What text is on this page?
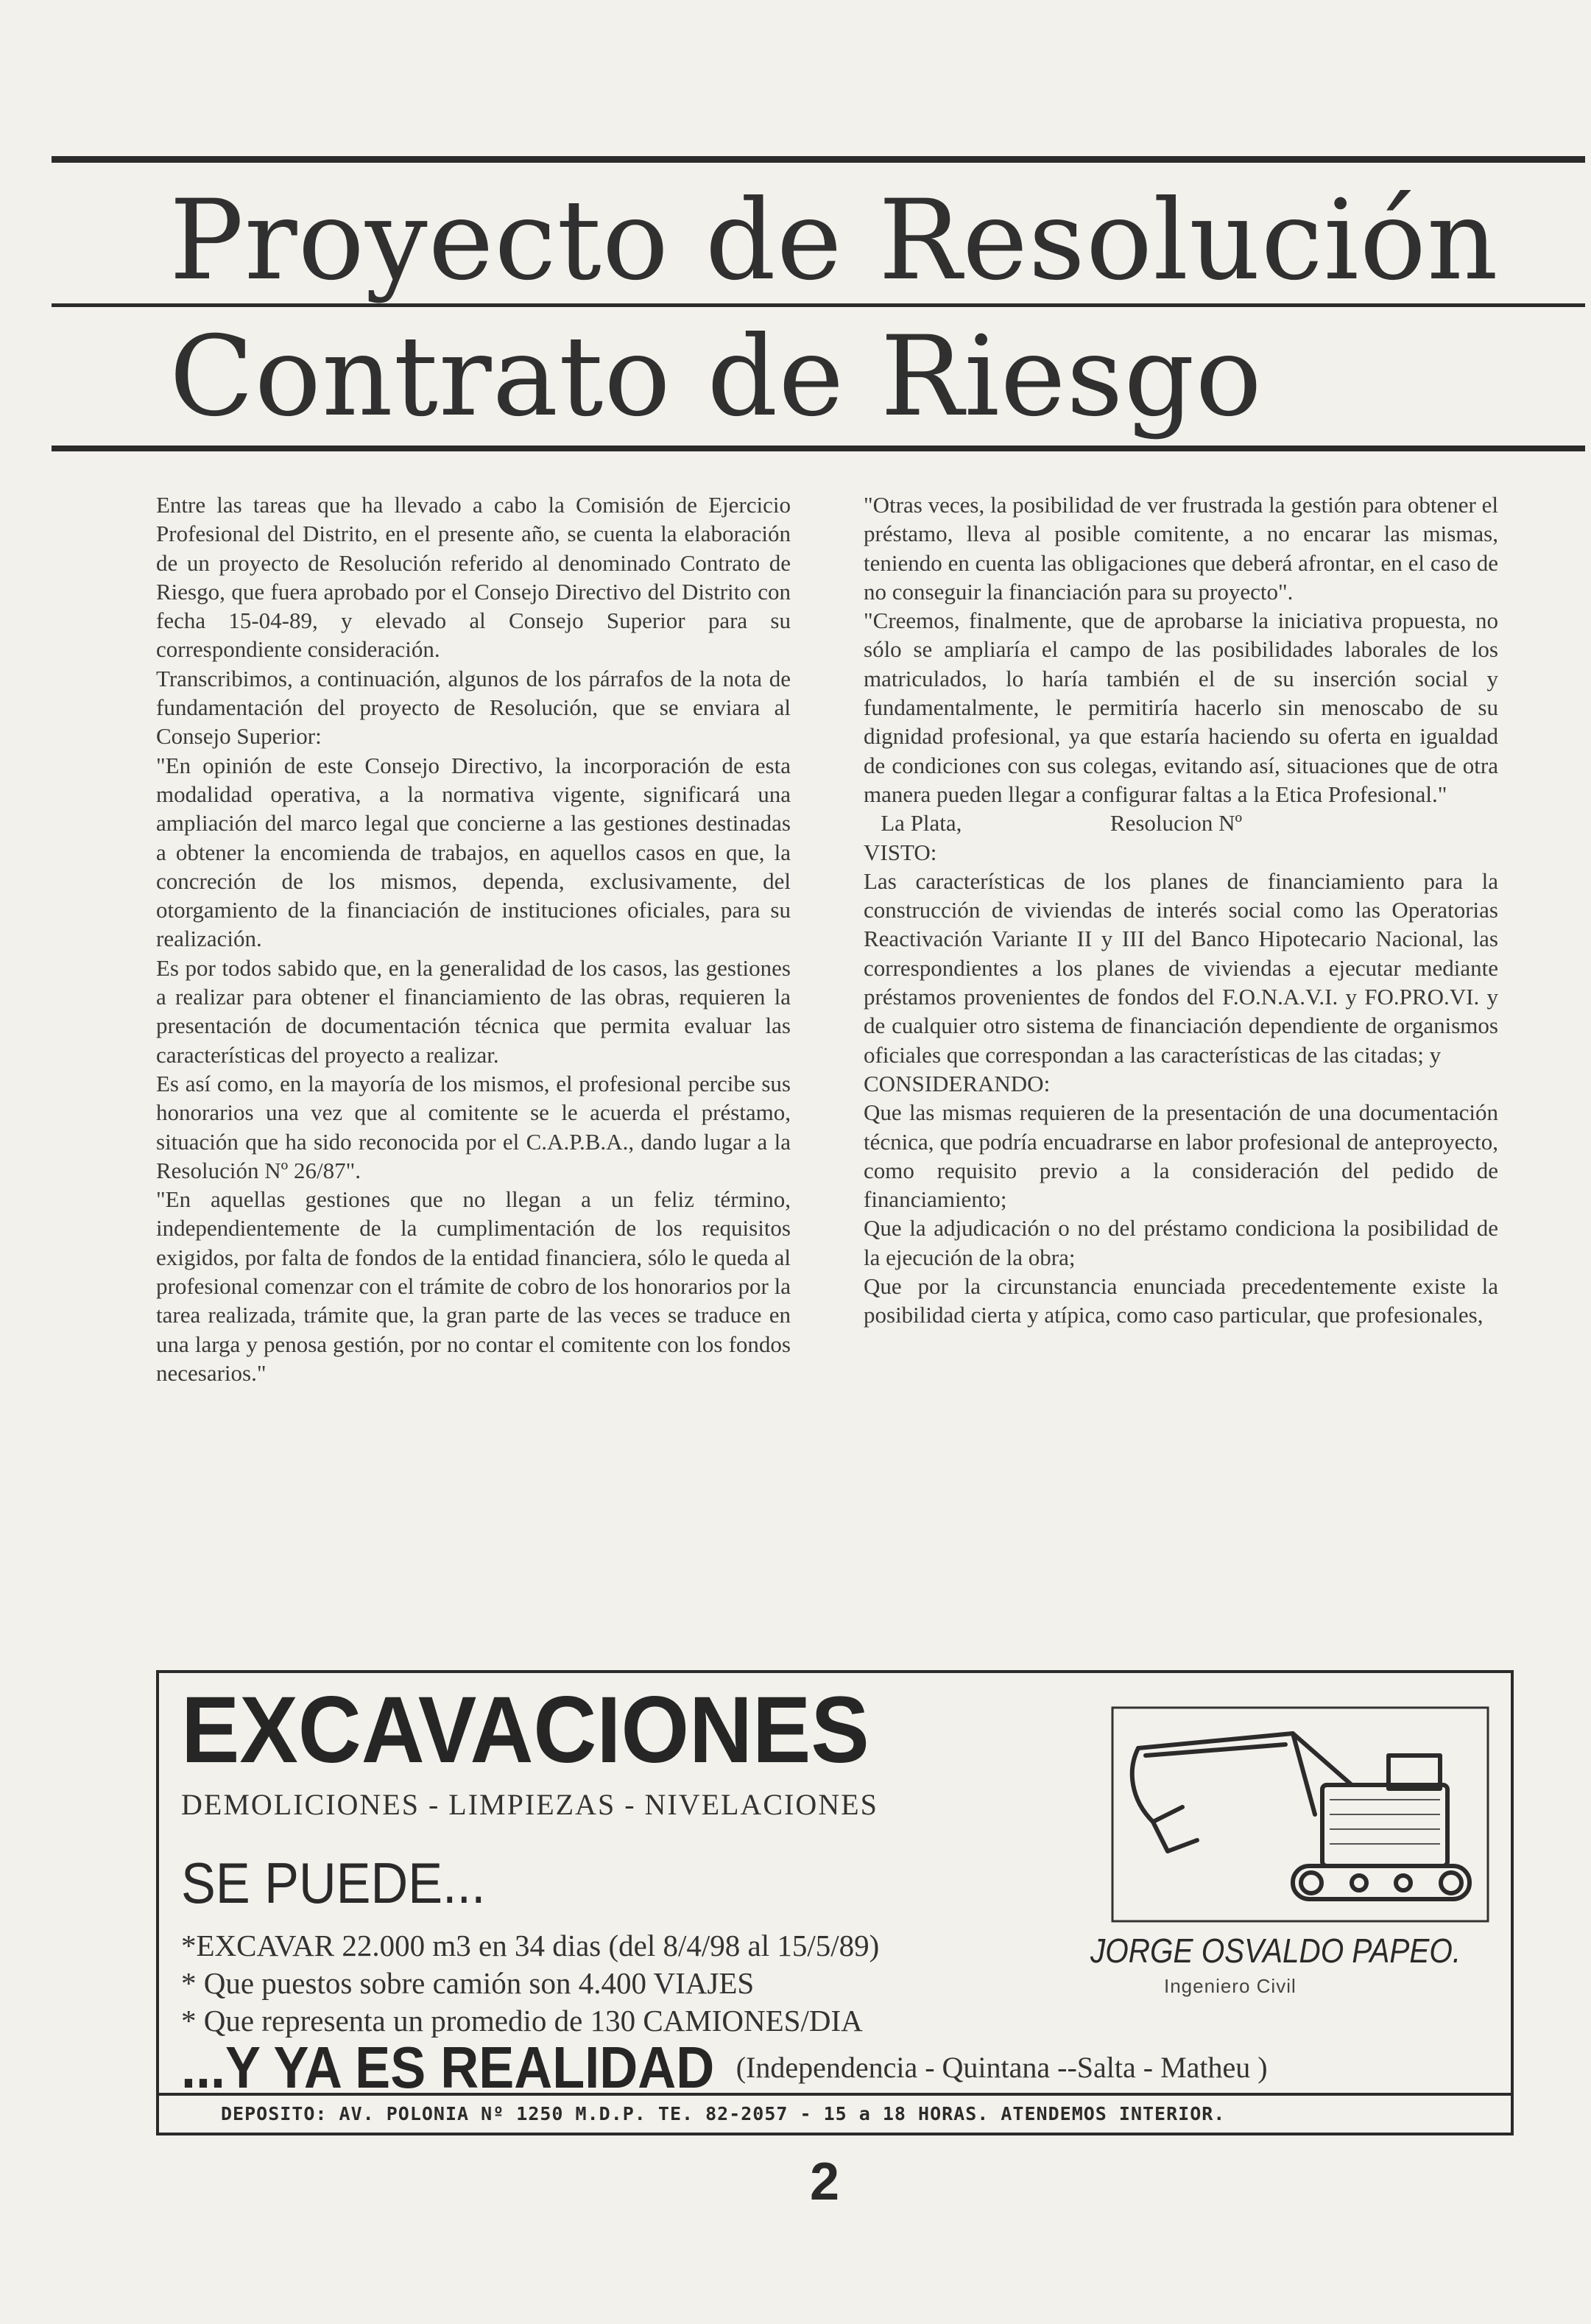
Proyecto de Resolución
Contrato de Riesgo

Entre las tareas que ha llevado a cabo la Comisión de Ejercicio Profesional del Distrito, en el presente año, se cuenta la elaboración de un proyecto de Resolución referido al denominado Contrato de Riesgo, que fuera aprobado por el Consejo Directivo del Distrito con fecha 15-04-89, y elevado al Consejo Superior para su correspondiente consideración.

Transcribimos, a continuación, algunos de los párrafos de la nota de fundamentación del proyecto de Resolución, que se enviara al Consejo Superior:

"En opinión de este Consejo Directivo, la incorporación de esta modalidad operativa, a la normativa vigente, significará una ampliación del marco legal que concierne a las gestiones destinadas a obtener la encomienda de trabajos, en aquellos casos en que, la concreción de los mismos, dependa, exclusivamente, del otorgamiento de la financiación de instituciones oficiales, para su realización.

Es por todos sabido que, en la generalidad de los casos, las gestiones a realizar para obtener el financiamiento de las obras, requieren la presentación de documentación técnica que permita evaluar las características del proyecto a realizar.

Es así como, en la mayoría de los mismos, el profesional percibe sus honorarios una vez que al comitente se le acuerda el préstamo, situación que ha sido reconocida por el C.A.P.B.A., dando lugar a la Resolución Nº 26/87".

"En aquellas gestiones que no llegan a un feliz término, independientemente de la cumplimentación de los requisitos exigidos, por falta de fondos de la entidad financiera, sólo le queda al profesional comenzar con el trámite de cobro de los honorarios por la tarea realizada, trámite que, la gran parte de las veces se traduce en una larga y penosa gestión, por no contar el comitente con los fondos necesarios."

"Otras veces, la posibilidad de ver frustrada la gestión para obtener el préstamo, lleva al posible comitente, a no encarar las mismas, teniendo en cuenta las obligaciones que deberá afrontar, en el caso de no conseguir la financiación para su proyecto".

"Creemos, finalmente, que de aprobarse la iniciativa propuesta, no sólo se ampliaría el campo de las posibilidades laborales de los matriculados, lo haría también el de su inserción social y fundamentalmente, le permitiría hacerlo sin menoscabo de su dignidad profesional, ya que estaría haciendo su oferta en igualdad de condiciones con sus colegas, evitando así, situaciones que de otra manera pueden llegar a configurar faltas a la Etica Profesional."

La Plata,                          Resolucion Nº

VISTO:

Las características de los planes de financiamiento para la construcción de viviendas de interés social como las Operatorias Reactivación Variante II y III del Banco Hipotecario Nacional, las correspondientes a los planes de viviendas a ejecutar mediante préstamos provenientes de fondos del F.O.N.A.V.I. y FO.PRO.VI. y de cualquier otro sistema de financiación dependiente de organismos oficiales que correspondan a las características de las citadas; y

CONSIDERANDO:

Que las mismas requieren de la presentación de una documentación técnica, que podría encuadrarse en labor profesional de anteproyecto, como requisito previo a la consideración del pedido de financiamiento;

Que la adjudicación o no del préstamo condiciona la posibilidad de la ejecución de la obra;

Que por la circunstancia enunciada precedentemente existe la posibilidad cierta y atípica, como caso particular, que profesionales,

EXCAVACIONES
DEMOLICIONES - LIMPIEZAS - NIVELACIONES
SE PUEDE...
*EXCAVAR 22.000 m3 en 34 dias (del 8/4/98 al 15/5/89)
* Que puestos sobre camión son 4.400 VIAJES
* Que representa un promedio de 130 CAMIONES/DIA
...Y YA ES REALIDAD (Independencia - Quintana --Salta - Matheu )
JORGE OSVALDO PAPEO.
Ingeniero Civil
DEPOSITO: AV. POLONIA Nº 1250 M.D.P. TE. 82-2057 - 15 a 18 HORAS. ATENDEMOS INTERIOR.
2
